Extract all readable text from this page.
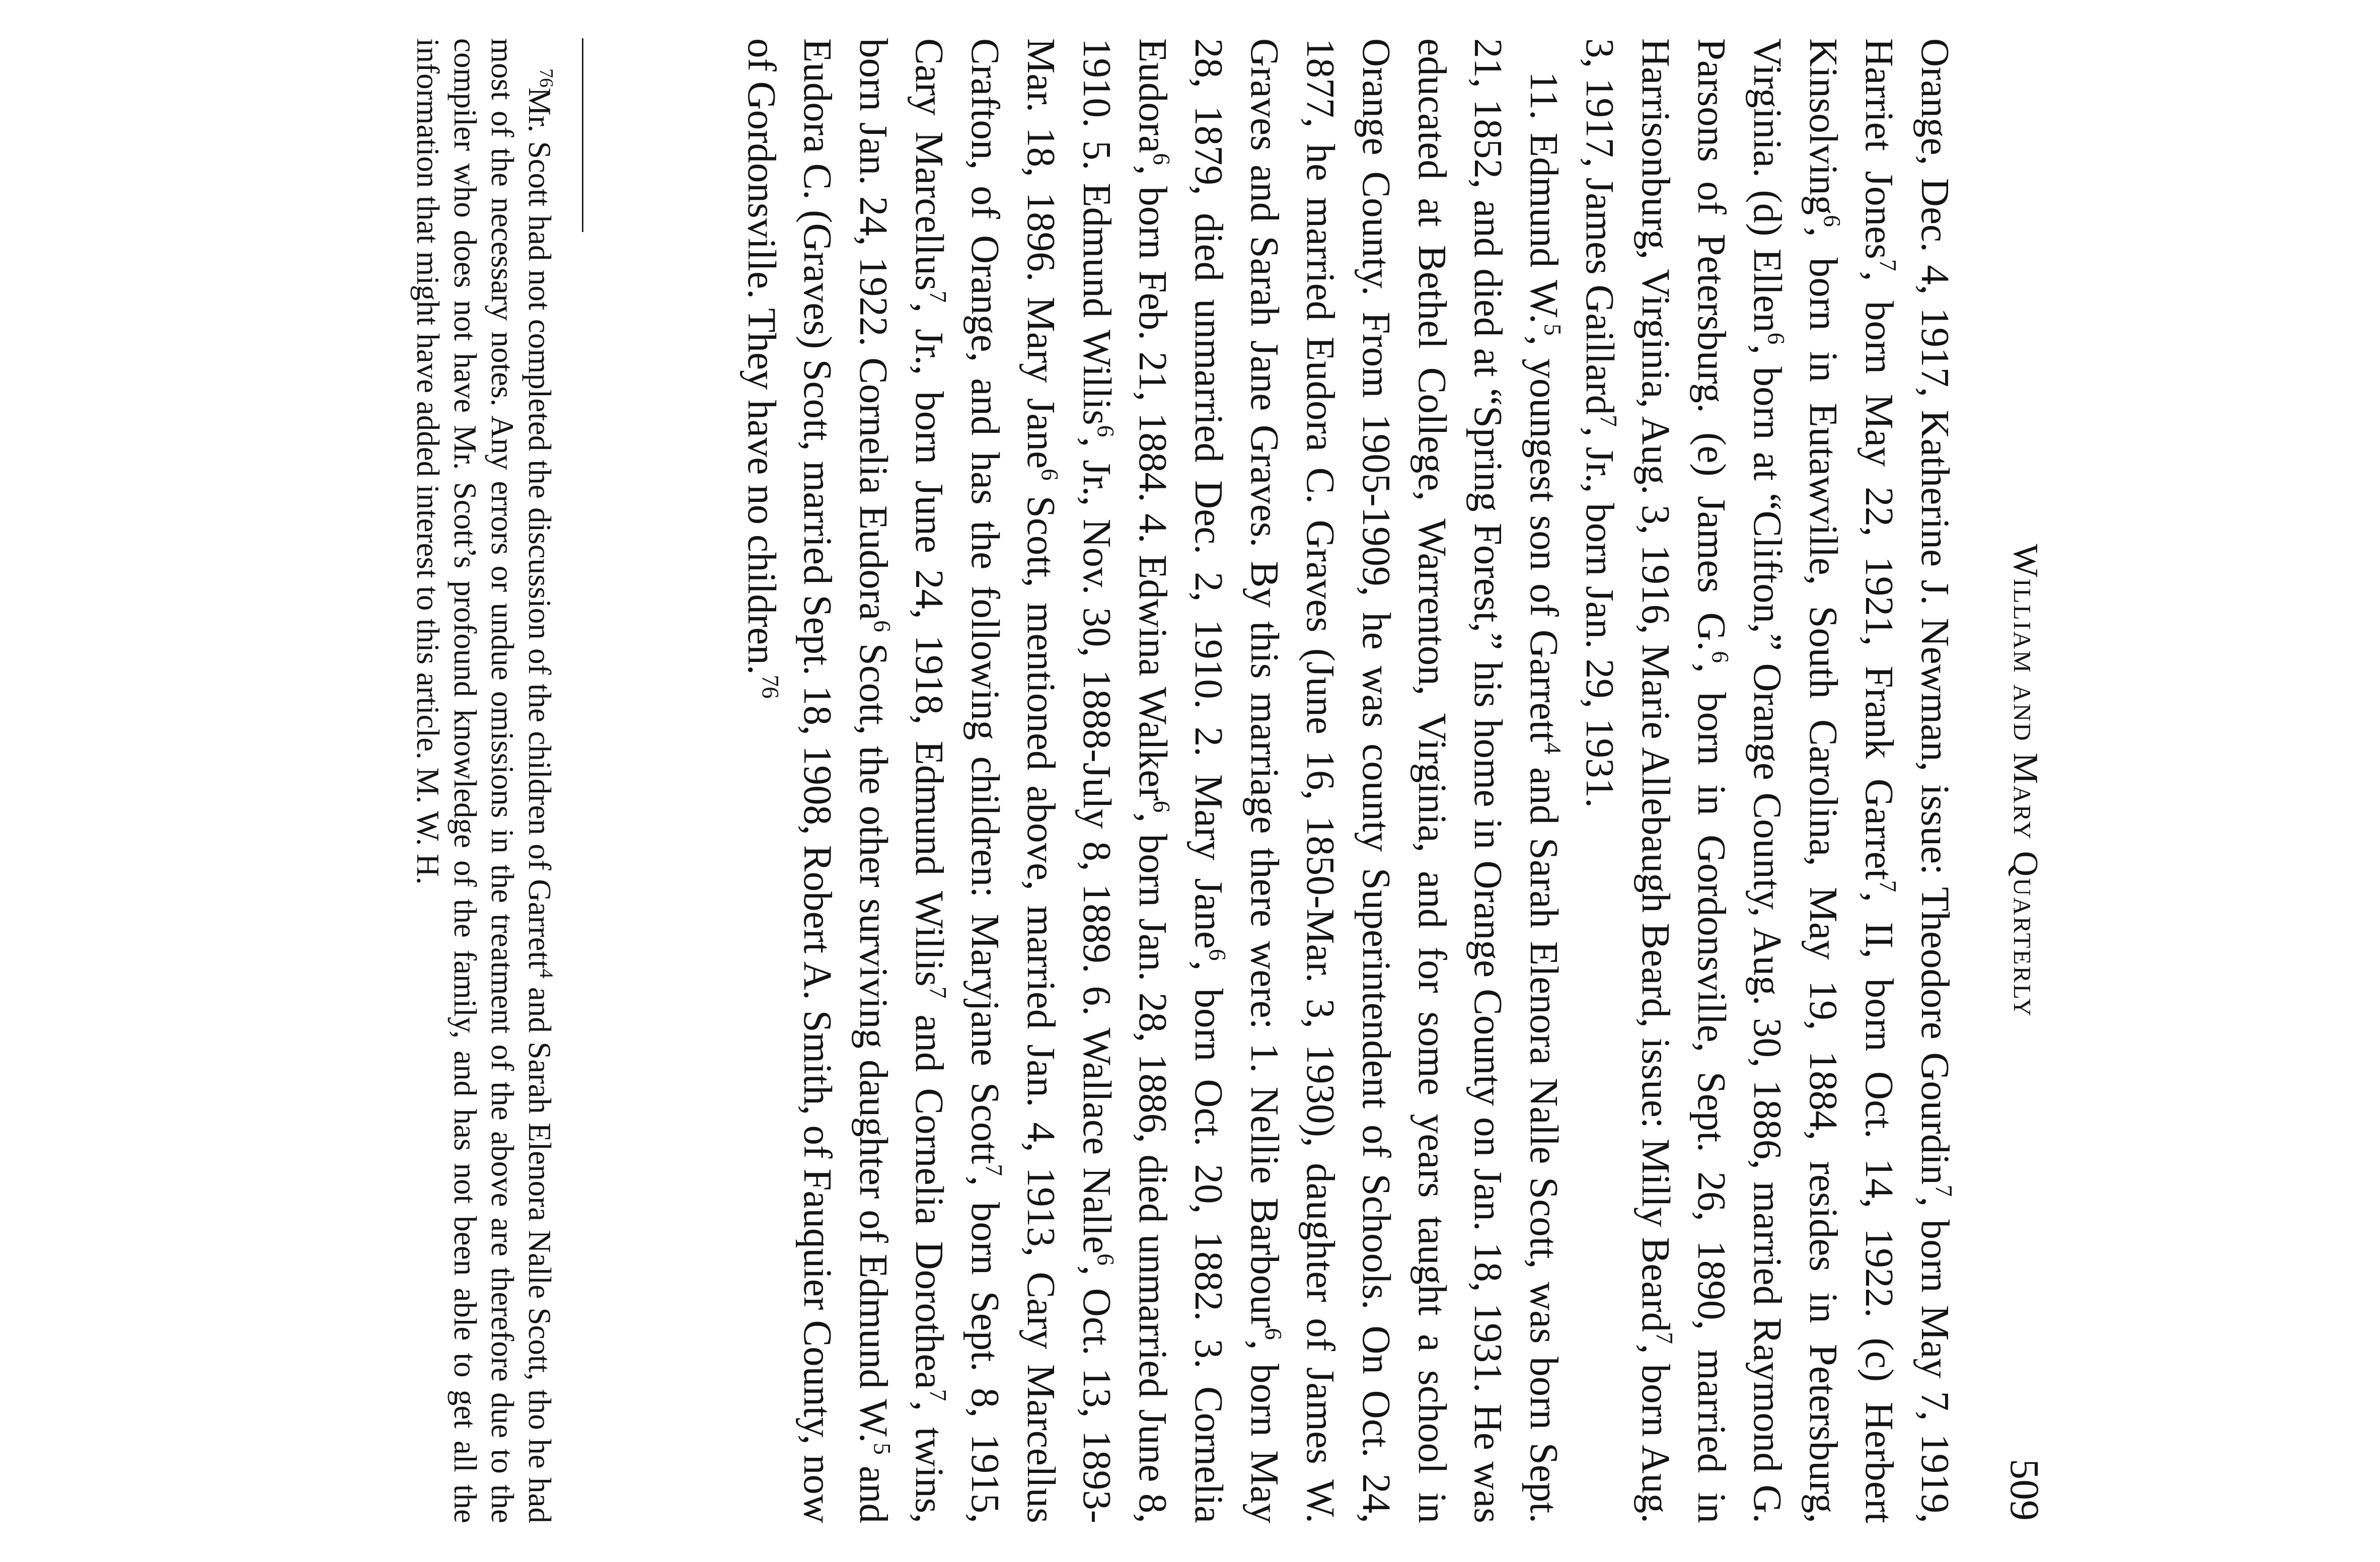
William and Mary Quarterly
509

Orange, Dec. 4, 1917, Katherine J. Newman, issue: Theodore Gourdin$^7$, born May 7, 1919, Harriet Jones$^7$, born May 22, 1921, Frank Garret$^7$, II, born Oct. 14, 1922. (c) Herbert Kinsolving$^6$, born in Eutawville, South Carolina, May 19, 1884, resides in Petersburg, Virginia. (d) Ellen$^6$, born at “Clifton,” Orange County, Aug. 30, 1886, married Raymond G. Parsons of Petersburg. (e) James G.$^6$, born in Gordonsville, Sept. 26, 1890, married in Harrisonburg, Virginia, Aug. 3, 1916, Marie Allebaugh Beard, issue: Milly Beard$^7$, born Aug. 3, 1917, James Gaillard$^7$, Jr., born Jan. 29, 1931.

11. Edmund W.$^5$, youngest son of Garrett$^4$ and Sarah Elenora Nalle Scott, was born Sept. 21, 1852, and died at “Spring Forest,” his home in Orange County on Jan. 18, 1931. He was educated at Bethel College, Warrenton, Virginia, and for some years taught a school in Orange County. From 1905-1909, he was county Superintendent of Schools. On Oct. 24, 1877, he married Eudora C. Graves (June 16, 1850-Mar. 3, 1930), daughter of James W. Graves and Sarah Jane Graves. By this marriage there were: 1. Nellie Barbour$^6$, born May 28, 1879, died unmarried Dec. 2, 1910. 2. Mary Jane$^6$, born Oct. 20, 1882. 3. Cornelia Eudora$^6$, born Feb. 21, 1884. 4. Edwina Walker$^6$, born Jan. 28, 1886, died unmarried June 8, 1910. 5. Edmund Willis$^6$, Jr., Nov. 30, 1888-July 8, 1889. 6. Wallace Nalle$^6$, Oct. 13, 1893-Mar. 18, 1896. Mary Jane$^6$ Scott, mentioned above, married Jan. 4, 1913, Cary Marcellus Crafton, of Orange, and has the following children: Maryjane Scott$^7$, born Sept. 8, 1915, Cary Marcellus$^7$, Jr., born June 24, 1918, Edmund Willis$^7$ and Cornelia Dorothea$^7$, twins, born Jan. 24, 1922. Cornelia Eudora$^6$ Scott, the other surviving daughter of Edmund W.$^5$ and Eudora C. (Graves) Scott, married Sept. 18, 1908, Robert A. Smith, of Fauquier County, now of Gordonsville. They have no children.$^{76}$

$^{76}$Mr. Scott had not completed the discussion of the children of Garrett$^4$ and Sarah Elenora Nalle Scott, tho he had most of the necessary notes. Any errors or undue omissions in the treatment of the above are therefore due to the compiler who does not have Mr. Scott’s profound knowledge of the family, and has not been able to get all the information that might have added interest to this article. M. W. H.
